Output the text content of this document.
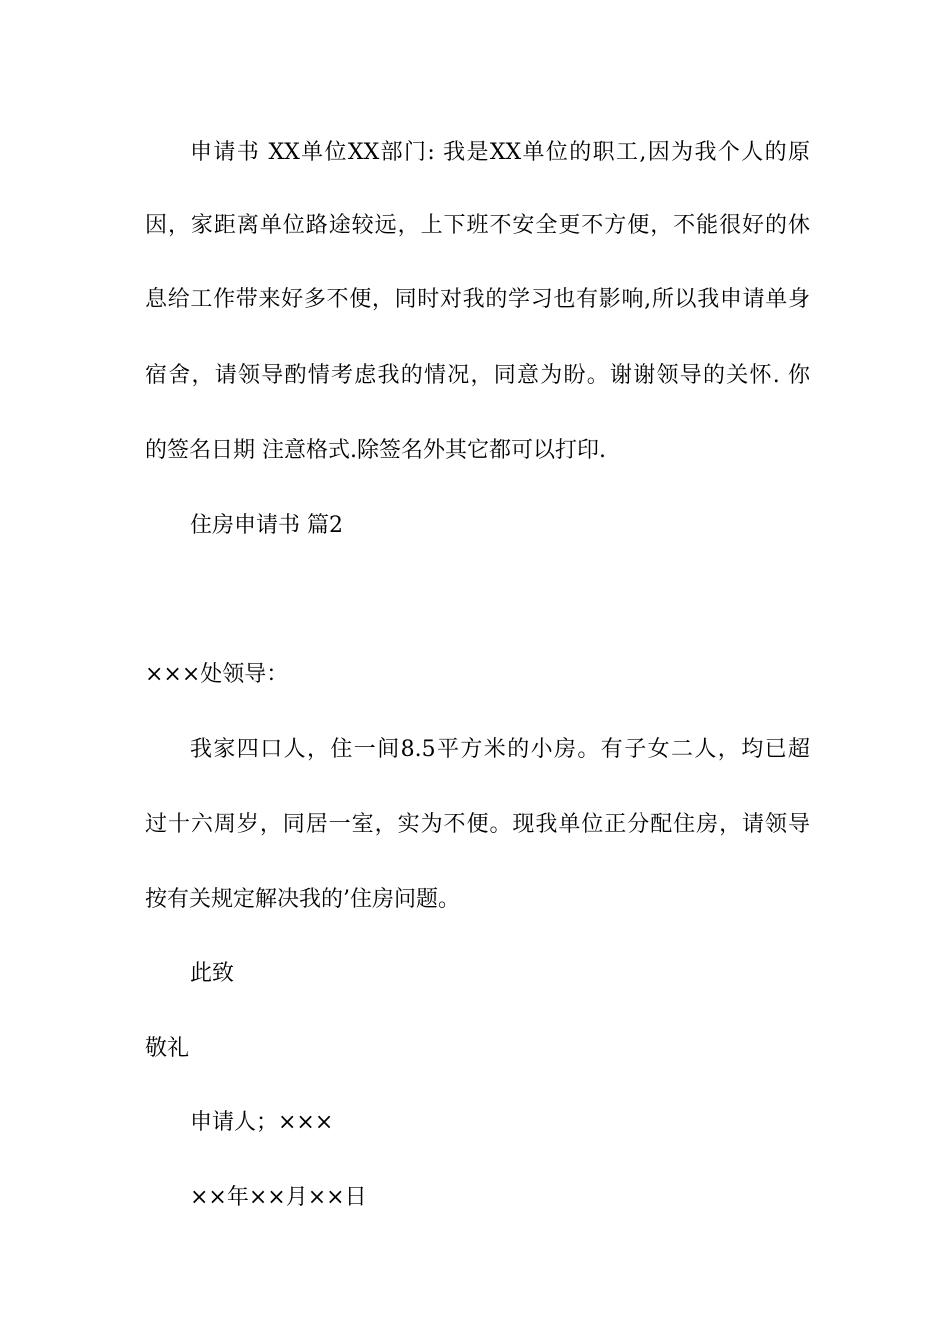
申请书 XX单位XX部门: 我是XX单位的职工,因为我个人的原
因，家距离单位路途较远，上下班不安全更不方便，不能很好的休
息给工作带来好多不便，同时对我的学习也有影响,所以我申请单身
宿舍，请领导酌情考虑我的情况，同意为盼。谢谢领导的关怀. 你
的签名日期 注意格式.除签名外其它都可以打印.
住房申请书 篇2
×××处领导：
我家四口人，住一间8.5平方米的小房。有子女二人，均已超
过十六周岁，同居一室，实为不便。现我单位正分配住房，请领导
按有关规定解决我的’住房问题。
此致
敬礼
申请人；×××
××年××月××日
